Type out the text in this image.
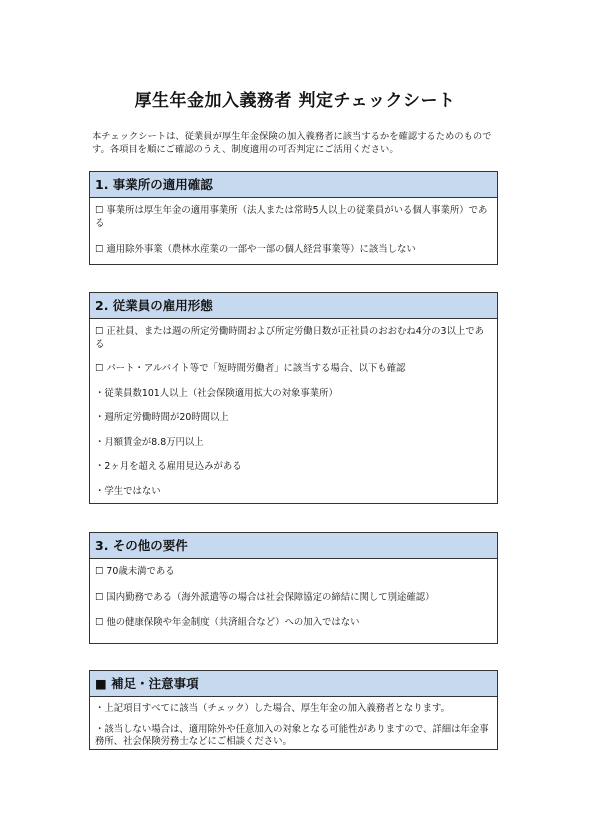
厚生年金加入義務者 判定チェックシート

本チェックシートは、従業員が厚生年金保険の加入義務者に該当するかを確認するためのものです。各項目を順にご確認のうえ、制度適用の可否判定にご活用ください。

1. 事業所の適用確認

☐ 事業所は厚生年金の適用事業所（法人または常時5人以上の従業員がいる個人事業所）である

☐ 適用除外事業（農林水産業の一部や一部の個人経営事業等）に該当しない

2. 従業員の雇用形態

☐ 正社員、または週の所定労働時間および所定労働日数が正社員のおおむね4分の3以上である

☐ パート・アルバイト等で「短時間労働者」に該当する場合、以下も確認

・従業員数101人以上（社会保険適用拡大の対象事業所）

・週所定労働時間が20時間以上

・月額賃金が8.8万円以上

・2ヶ月を超える雇用見込みがある

・学生ではない

3. その他の要件

☐ 70歳未満である

☐ 国内勤務である（海外派遣等の場合は社会保障協定の締結に関して別途確認）

☐ 他の健康保険や年金制度（共済組合など）への加入ではない

■ 補足・注意事項

・上記項目すべてに該当（チェック）した場合、厚生年金の加入義務者となります。

・該当しない場合は、適用除外や任意加入の対象となる可能性がありますので、詳細は年金事務所、社会保険労務士などにご相談ください。
